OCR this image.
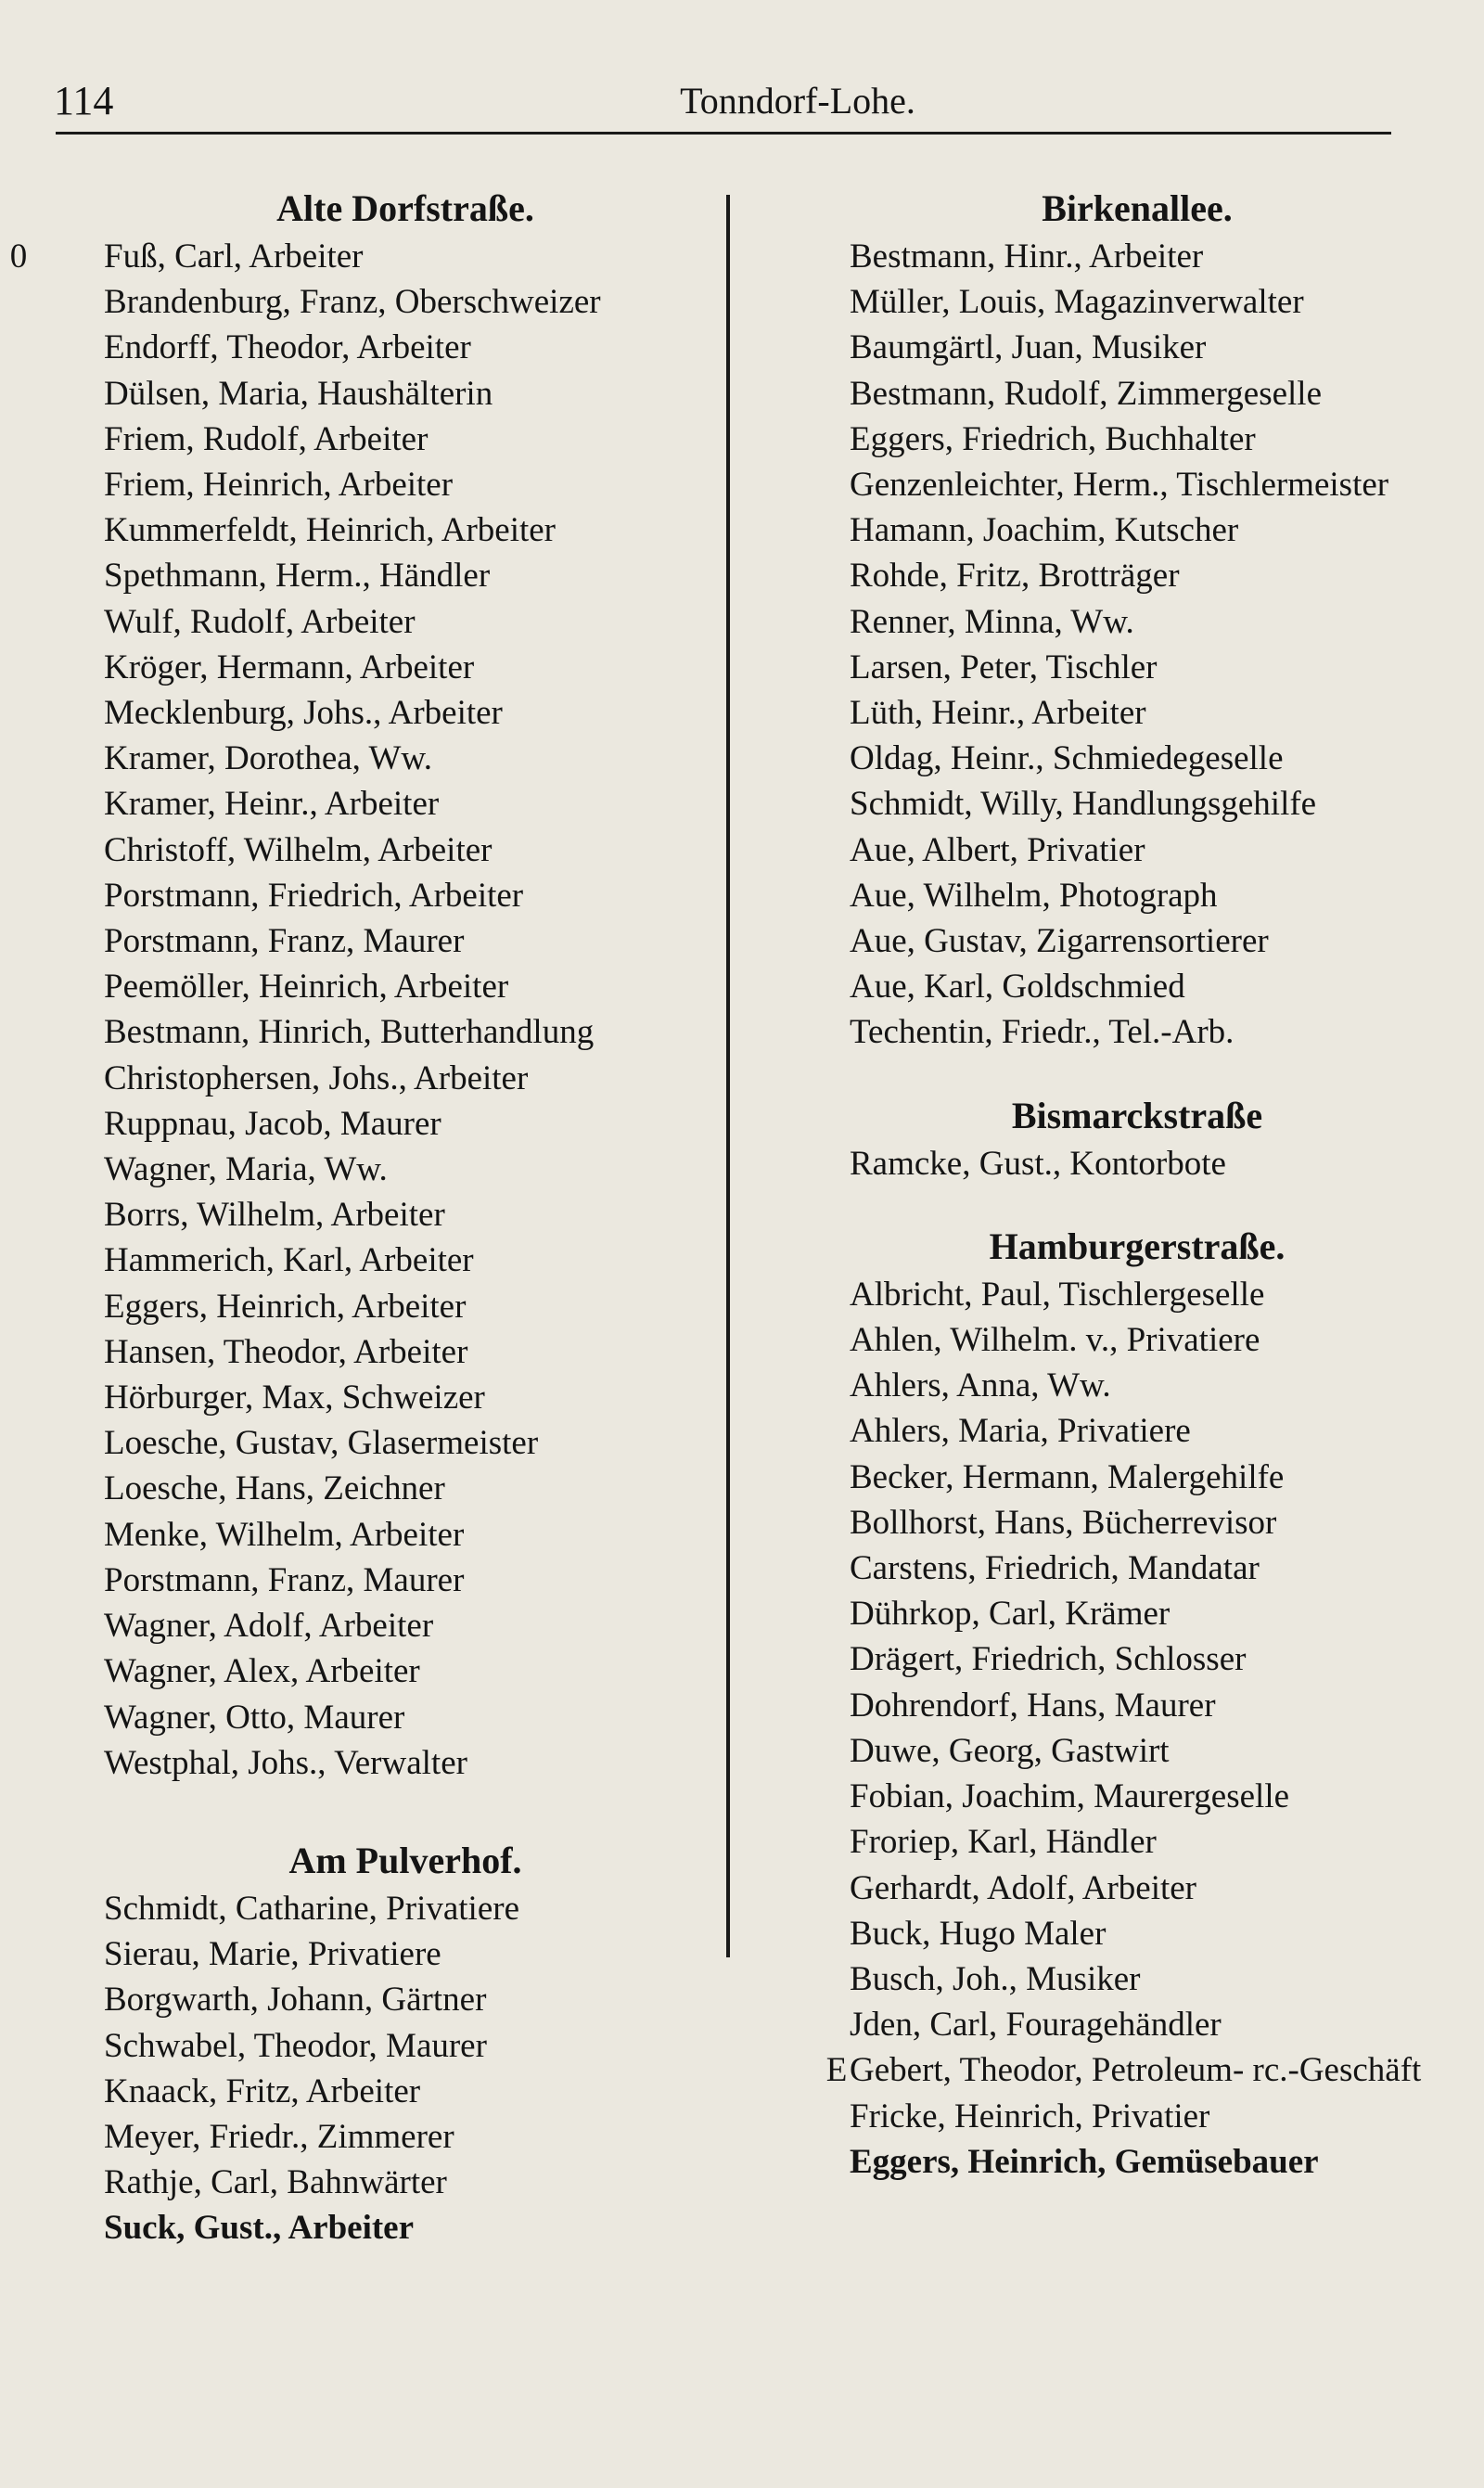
114	Tonndorf-Lohe.
Alte Dorfstraße.
0 Fuß, Carl, Arbeiter
Brandenburg, Franz, Oberschweizer
Endorff, Theodor, Arbeiter
Dülsen, Maria, Haushälterin
Friem, Rudolf, Arbeiter
Friem, Heinrich, Arbeiter
Kummerfeldt, Heinrich, Arbeiter
Spethmann, Herm., Händler
Wulf, Rudolf, Arbeiter
Kröger, Hermann, Arbeiter
Mecklenburg, Johs., Arbeiter
Kramer, Dorothea, Ww.
Kramer, Heinr., Arbeiter
Christoff, Wilhelm, Arbeiter
Porstmann, Friedrich, Arbeiter
Porstmann, Franz, Maurer
Peemöller, Heinrich, Arbeiter
Bestmann, Hinrich, Butterhandlung
Christophersen, Johs., Arbeiter
Ruppnau, Jacob, Maurer
Wagner, Maria, Ww.
Borrs, Wilhelm, Arbeiter
Hammerich, Karl, Arbeiter
Eggers, Heinrich, Arbeiter
Hansen, Theodor, Arbeiter
Hörburger, Max, Schweizer
Loesche, Gustav, Glasermeister
Loesche, Hans, Zeichner
Menke, Wilhelm, Arbeiter
Porstmann, Franz, Maurer
Wagner, Adolf, Arbeiter
Wagner, Alex, Arbeiter
Wagner, Otto, Maurer
Westphal, Johs., Verwalter
Am Pulverhof.
Schmidt, Catharine, Privatiere
Sierau, Marie, Privatiere
Borgwarth, Johann, Gärtner
Schwabel, Theodor, Maurer
Knaack, Fritz, Arbeiter
Meyer, Friedr., Zimmerer
Rathje, Carl, Bahnwärter
Suck, Gust., Arbeiter
Birkenallee.
Bestmann, Hinr., Arbeiter
Müller, Louis, Magazinverwalter
Baumgärtl, Juan, Musiker
Bestmann, Rudolf, Zimmergeselle
Eggers, Friedrich, Buchhalter
Genzenleichter, Herm., Tischlermeister
Hamann, Joachim, Kutscher
Rohde, Fritz, Brotträger
Renner, Minna, Ww.
Larsen, Peter, Tischler
Lüth, Heinr., Arbeiter
Oldag, Heinr., Schmiedegeselle
Schmidt, Willy, Handlungsgehilfe
Aue, Albert, Privatier
Aue, Wilhelm, Photograph
Aue, Gustav, Zigarrensortierer
Aue, Karl, Goldschmied
Techentin, Friedr., Tel.-Arb.
Bismarckstraße
Ramcke, Gust., Kontorbote
Hamburgerstraße.
Albricht, Paul, Tischlergeselle
Ahlen, Wilhelm. v., Privatiere
Ahlers, Anna, Ww.
Ahlers, Maria, Privatiere
Becker, Hermann, Malergehilfe
Bollhorst, Hans, Bücherrevisor
Carstens, Friedrich, Mandatar
Dührkop, Carl, Krämer
Drägert, Friedrich, Schlosser
Dohrendorf, Hans, Maurer
Duwe, Georg, Gastwirt
Fobian, Joachim, Maurergeselle
Froriep, Karl, Händler
Gerhardt, Adolf, Arbeiter
Buck, Hugo Maler
Busch, Joh., Musiker
Jden, Carl, Fouragehändler
E Gebert, Theodor, Petroleum- rc.-Geschäft
Fricke, Heinrich, Privatier
Eggers, Heinrich, Gemüsebauer
